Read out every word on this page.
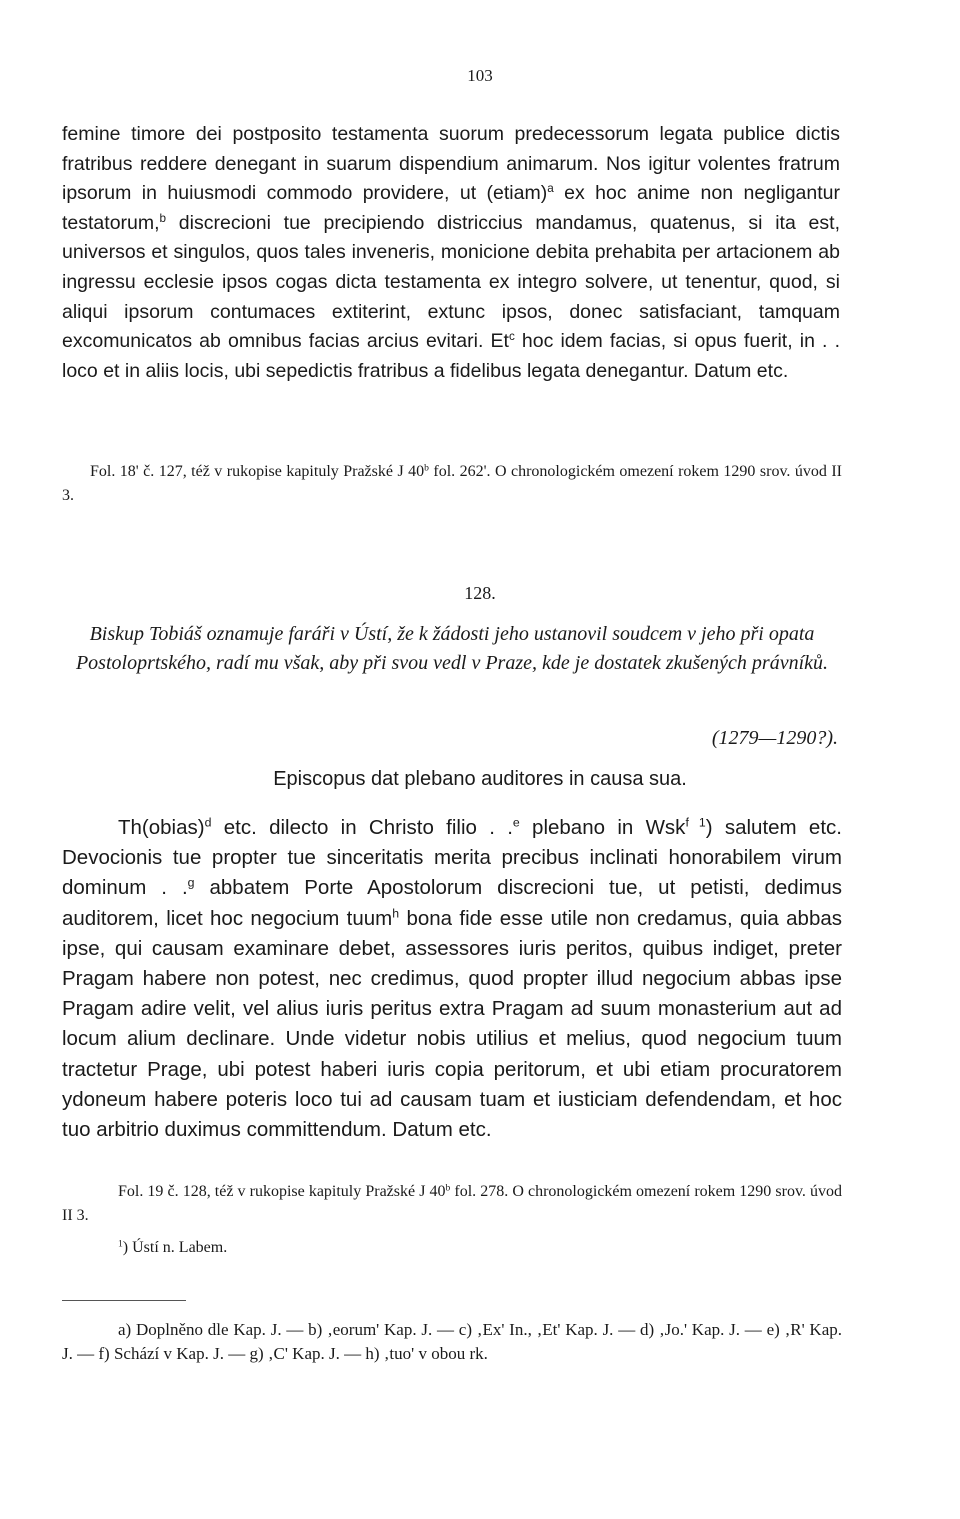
103

femine timore dei postposito testamenta suorum predecessorum legata publice dictis fratribus reddere denegant in suarum dispendium animarum. Nos igitur volentes fratrum ipsorum in huiusmodi commodo providere, ut (etiam)$^a$ ex hoc anime non negligantur testatorum,$^b$ discrecioni tue precipiendo districcius mandamus, quatenus, si ita est, universos et singulos, quos tales inveneris, monicione debita prehabita per artacionem ab ingressu ecclesie ipsos cogas dicta testamenta ex integro solvere, ut tenentur, quod, si aliqui ipsorum contumaces extiterint, extunc ipsos, donec satisfaciant, tamquam excomunicatos ab omnibus facias arcius evitari. Et$^c$ hoc idem facias, si opus fuerit, in . . loco et in aliis locis, ubi sepedictis fratribus a fidelibus legata denegantur. Datum etc.

Fol. 18' č. 127, též v rukopise kapituly Pražské J 40$^b$ fol. 262'. O chronologickém omezení rokem 1290 srov. úvod II 3.

128.
Biskup Tobiáš oznamuje faráři v Ústí, že k žádosti jeho ustanovil soudcem v jeho při opata Postoloprtského, radí mu však, aby při svou vedl v Praze, kde je dostatek zkušených právníků.
(1279—1290?).
Episcopus dat plebano auditores in causa sua.

Th(obias)$^d$ etc. dilecto in Christo filio . .$^e$ plebano in Wsk$^{f 1}$) salutem etc. Devocionis tue propter tue sinceritatis merita precibus inclinati honorabilem virum dominum . .$^g$ abbatem Porte Apostolorum discrecioni tue, ut petisti, dedimus auditorem, licet hoc negocium tuum$^h$ bona fide esse utile non credamus, quia abbas ipse, qui causam examinare debet, assessores iuris peritos, quibus indiget, preter Pragam habere non potest, nec credimus, quod propter illud negocium abbas ipse Pragam adire velit, vel alius iuris peritus extra Pragam ad suum monasterium aut ad locum alium declinare. Unde videtur nobis utilius et melius, quod negocium tuum tractetur Prage, ubi potest haberi iuris copia peritorum, et ubi etiam procuratorem ydoneum habere poteris loco tui ad causam tuam et iusticiam defendendam, et hoc tuo arbitrio duximus committendum. Datum etc.

Fol. 19 č. 128, též v rukopise kapituly Pražské J 40$^b$ fol. 278. O chronologickém omezení rokem 1290 srov. úvod II 3.

$^1$) Ústí n. Labem.

a) Doplněno dle Kap. J. — b) ‚eorum' Kap. J. — c) ‚Ex' In., ‚Et' Kap. J. — d) ‚Jo.' Kap. J. — e) ‚R' Kap. J. — f) Schází v Kap. J. — g) ‚C' Kap. J. — h) ‚tuo' v obou rk.
